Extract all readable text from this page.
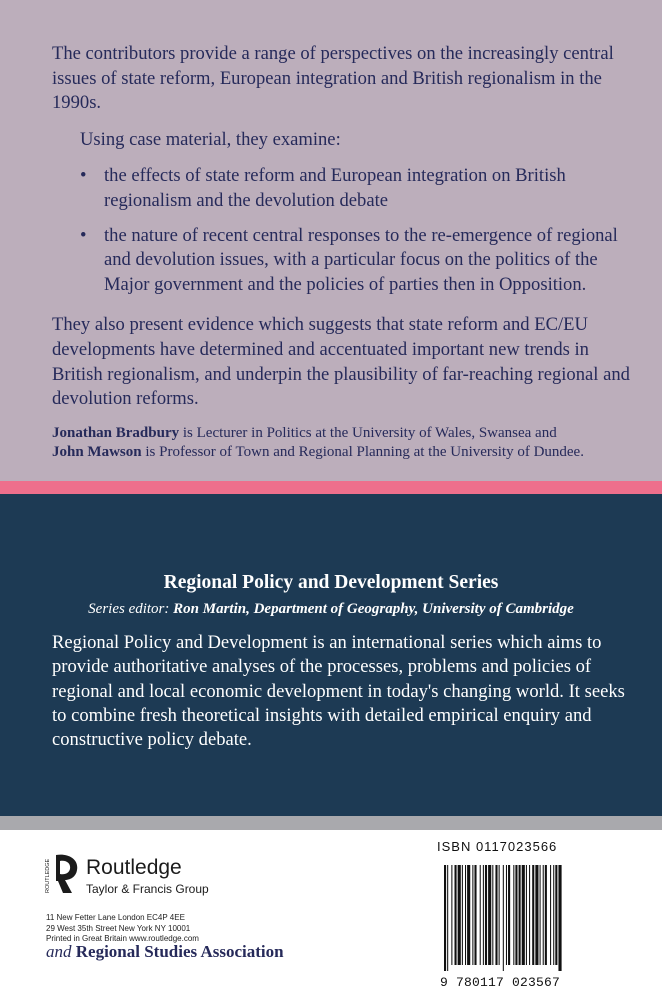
The contributors provide a range of perspectives on the increasingly central issues of state reform, European integration and British regionalism in the 1990s.

Using case material, they examine:

• the effects of state reform and European integration on British regionalism and the devolution debate
• the nature of recent central responses to the re-emergence of regional and devolution issues, with a particular focus on the politics of the Major government and the policies of parties then in Opposition.

They also present evidence which suggests that state reform and EC/EU developments have determined and accentuated important new trends in British regionalism, and underpin the plausibility of far-reaching regional and devolution reforms.

Jonathan Bradbury is Lecturer in Politics at the University of Wales, Swansea and
John Mawson is Professor of Town and Regional Planning at the University of Dundee.

Regional Policy and Development Series
Series editor: Ron Martin, Department of Geography, University of Cambridge

Regional Policy and Development is an international series which aims to provide authoritative analyses of the processes, problems and policies of regional and local economic development in today's changing world. It seeks to combine fresh theoretical insights with detailed empirical enquiry and constructive policy debate.

ROUTLEDGE Routledge
Taylor & Francis Group
11 New Fetter Lane London EC4P 4EE
29 West 35th Street New York NY 10001
Printed in Great Britain www.routledge.com
and Regional Studies Association
ISBN 0117023566
9 780117 023567
